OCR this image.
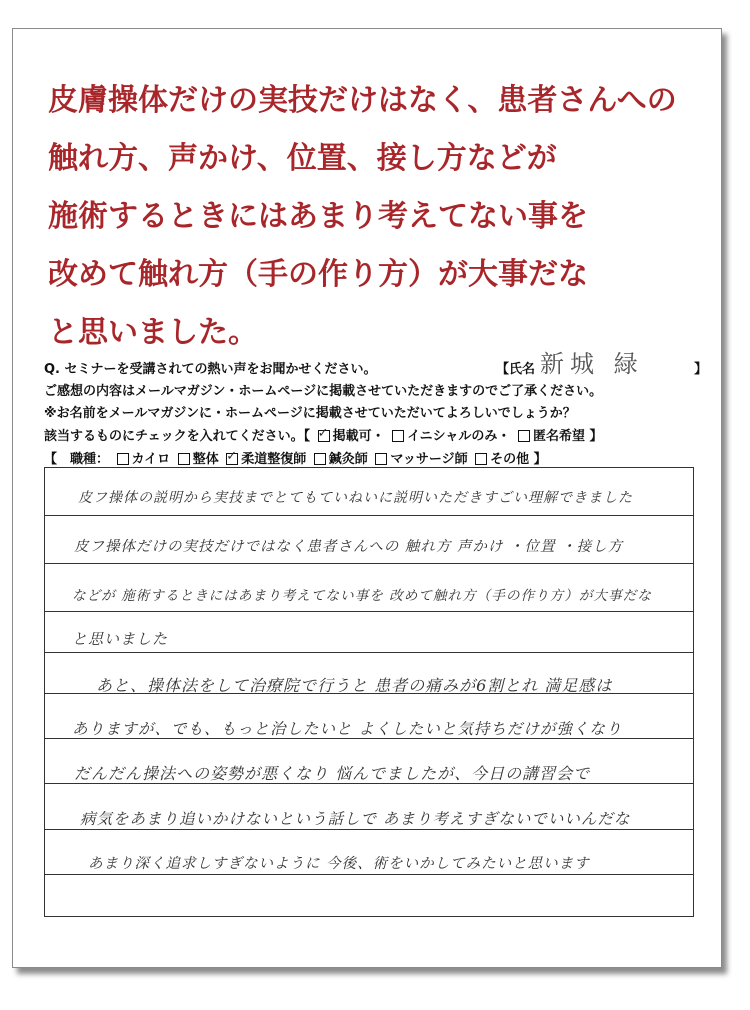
皮膚操体だけの実技だけはなく、患者さんへの
触れ方、声かけ、位置、接し方などが
施術するときにはあまり考えてない事を
改めて触れ方（手の作り方）が大事だな
と思いました。
Q. セミナーを受講されての熱い声をお聞かせください。	【氏名	】
ご感想の内容はメールマガジン・ホームページに掲載させていただきますのでご了承ください。
※お名前をメールマガジンに・ホームページに掲載させていただいてよろしいでしょうか？
該当するものにチェックを入れてください。【 ✓ 掲載可・ イニシャルのみ・ 匿名希望 】
【　職種： カイロ 整体 ✓ 柔道整復師 鍼灸師 マッサージ師 その他 】
新城 緑
皮フ操体の説明から実技までとてもていねいに説明いただきすごい理解できました
皮フ操体だけの実技だけではなく患者さんへの 触れ方 声かけ ・位置 ・接し方
などが 施術するときにはあまり考えてない事を 改めて触れ方（手の作り方）が大事だな
と思いました
あと、操体法をして治療院で行うと 患者の痛みが6割とれ 満足感は
ありますが、でも、もっと治したいと よくしたいと気持ちだけが強くなり
だんだん操法への姿勢が悪くなり 悩んでましたが、今日の講習会で
病気をあまり追いかけないという話しで あまり考えすぎないでいいんだな
あまり深く追求しすぎないように 今後、術をいかしてみたいと思います
